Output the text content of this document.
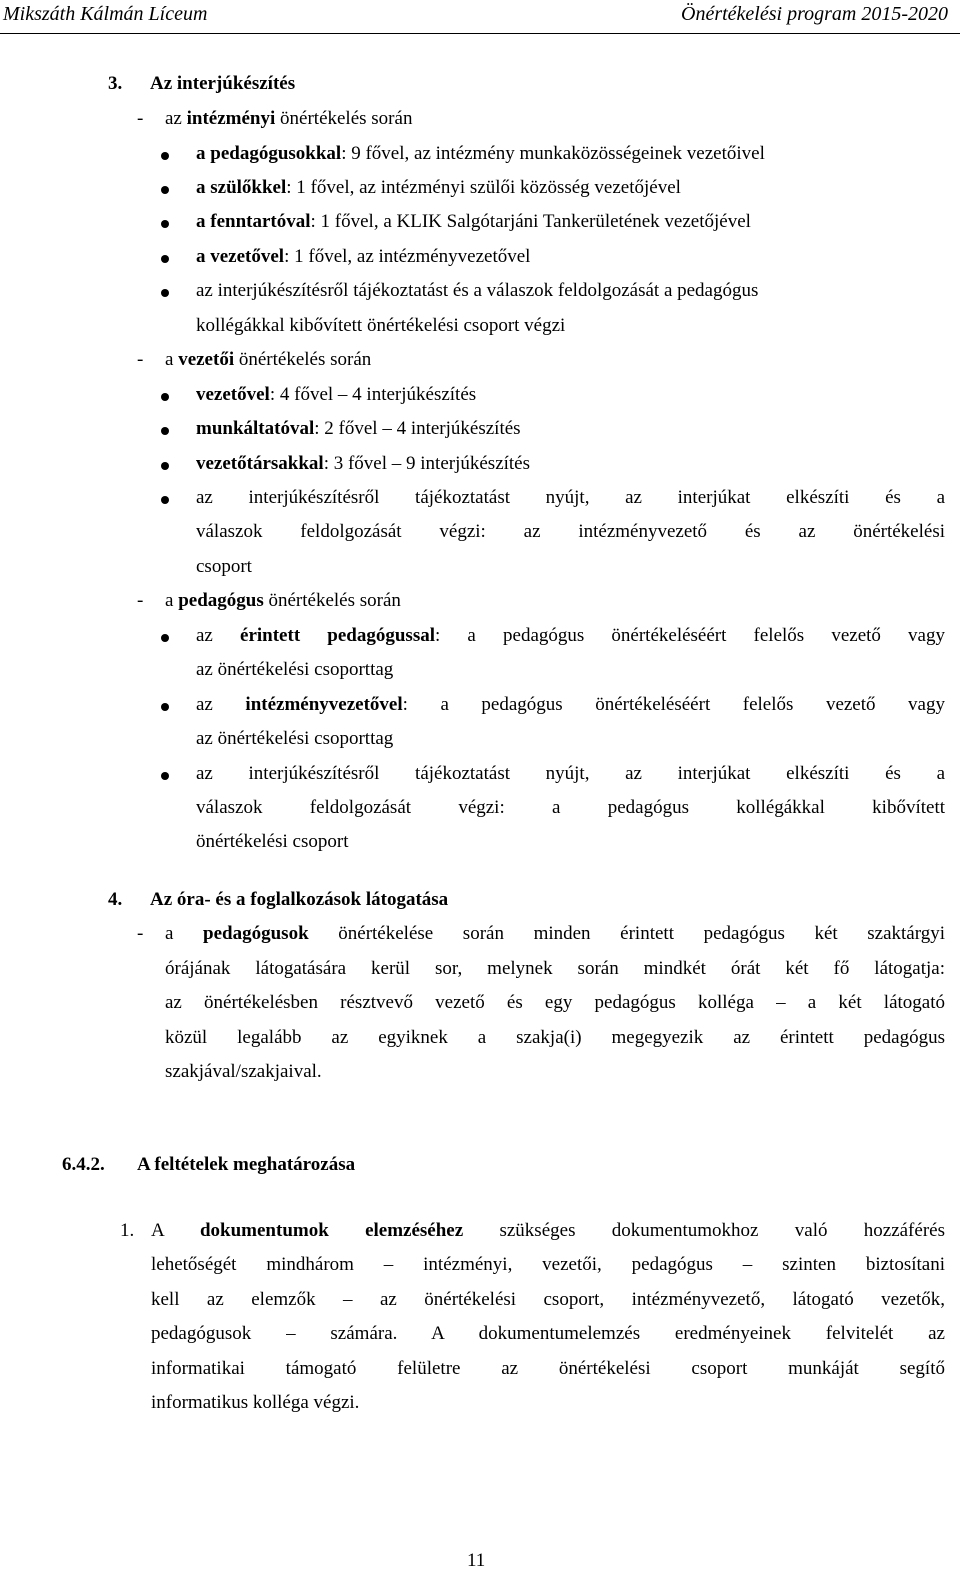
Mikszáth Kálmán Líceum	Önértékelési program 2015-2020
3. Az interjúkészítés
- az intézményi önértékelés során
a pedagógusokkal: 9 fővel, az intézmény munkaközösségeinek vezetőivel
a szülőkkel: 1 fővel, az intézményi szülői közösség vezetőjével
a fenntartóval: 1 fővel, a KLIK Salgótarjáni Tankerületének vezetőjével
a vezetővel: 1 fővel, az intézményvezetővel
az interjúkészítésről tájékoztatást és a válaszok feldolgozását a pedagógus
kollégákkal kibővített önértékelési csoport végzi
- a vezetői önértékelés során
vezetővel: 4 fővel – 4 interjúkészítés
munkáltatóval: 2 fővel – 4 interjúkészítés
vezetőtársakkal: 3 fővel – 9 interjúkészítés
az interjúkészítésről tájékoztatást nyújt, az interjúkat elkészíti és a
válaszok feldolgozását végzi: az intézményvezető és az önértékelési
csoport
- a pedagógus önértékelés során
az érintett pedagógussal: a pedagógus önértékeléséért felelős vezető vagy
az önértékelési csoporttag
az intézményvezetővel: a pedagógus önértékeléséért felelős vezető vagy
az önértékelési csoporttag
az interjúkészítésről tájékoztatást nyújt, az interjúkat elkészíti és a
válaszok feldolgozását végzi: a pedagógus kollégákkal kibővített
önértékelési csoport
4. Az óra- és a foglalkozások látogatása
- a pedagógusok önértékelése során minden érintett pedagógus két szaktárgyi
órájának látogatására kerül sor, melynek során mindkét órát két fő látogatja:
az önértékelésben résztvevő vezető és egy pedagógus kolléga – a két látogató
közül legalább az egyiknek a szakja(i) megegyezik az érintett pedagógus
szakjával/szakjaival.
6.4.2. A feltételek meghatározása
1. A dokumentumok elemzéséhez szükséges dokumentumokhoz való hozzáférés
lehetőségét mindhárom – intézményi, vezetői, pedagógus – szinten biztosítani
kell az elemzők – az önértékelési csoport, intézményvezető, látogató vezetők,
pedagógusok – számára. A dokumentumelemzés eredményeinek felvitelét az
informatikai támogató felületre az önértékelési csoport munkáját segítő
informatikus kolléga végzi.
11
